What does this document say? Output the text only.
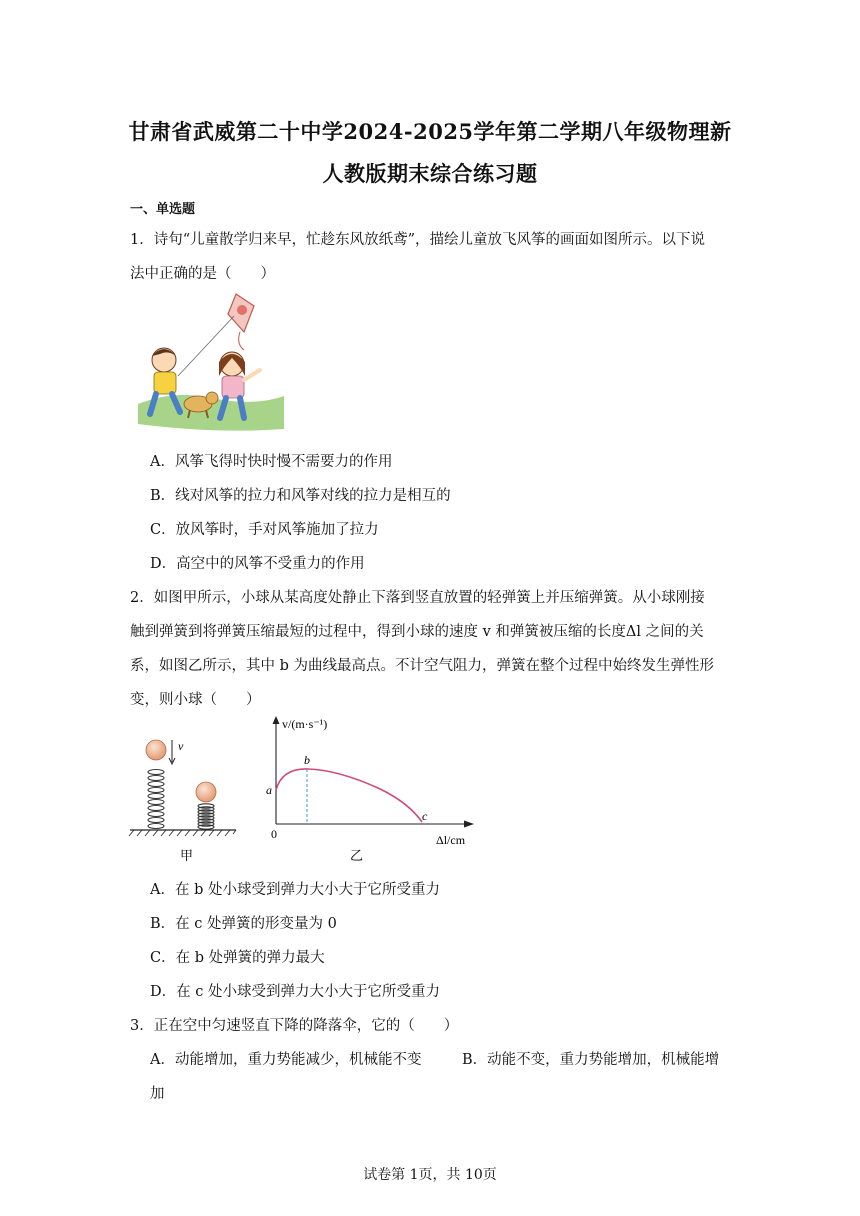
甘肃省武威第二十中学2024-2025学年第二学期八年级物理新
人教版期末综合练习题
一、单选题
1．诗句“儿童散学归来早，忙趁东风放纸鸢”，描绘儿童放飞风筝的画面如图所示。以下说
法中正确的是（　　）
A．风筝飞得时快时慢不需要力的作用
B．线对风筝的拉力和风筝对线的拉力是相互的
C．放风筝时，手对风筝施加了拉力
D．高空中的风筝不受重力的作用
2．如图甲所示，小球从某高度处静止下落到竖直放置的轻弹簧上并压缩弹簧。从小球刚接
触到弹簧到将弹簧压缩最短的过程中，得到小球的速度 v 和弹簧被压缩的长度Δl 之间的关
系，如图乙所示，其中 b 为曲线最高点。不计空气阻力，弹簧在整个过程中始终发生弹性形
变，则小球（　　）
v
甲
v/(m·s⁻¹)
Δl/cm
0
a
b
c
乙
A．在 b 处小球受到弹力大小大于它所受重力
B．在 c 处弹簧的形变量为 0
C．在 b 处弹簧的弹力最大
D．在 c 处小球受到弹力大小大于它所受重力
3．正在空中匀速竖直下降的降落伞，它的（　　）
A．动能增加，重力势能减少，机械能不变	B．动能不变，重力势能增加，机械能增
加
试卷第 1页，共 10页
